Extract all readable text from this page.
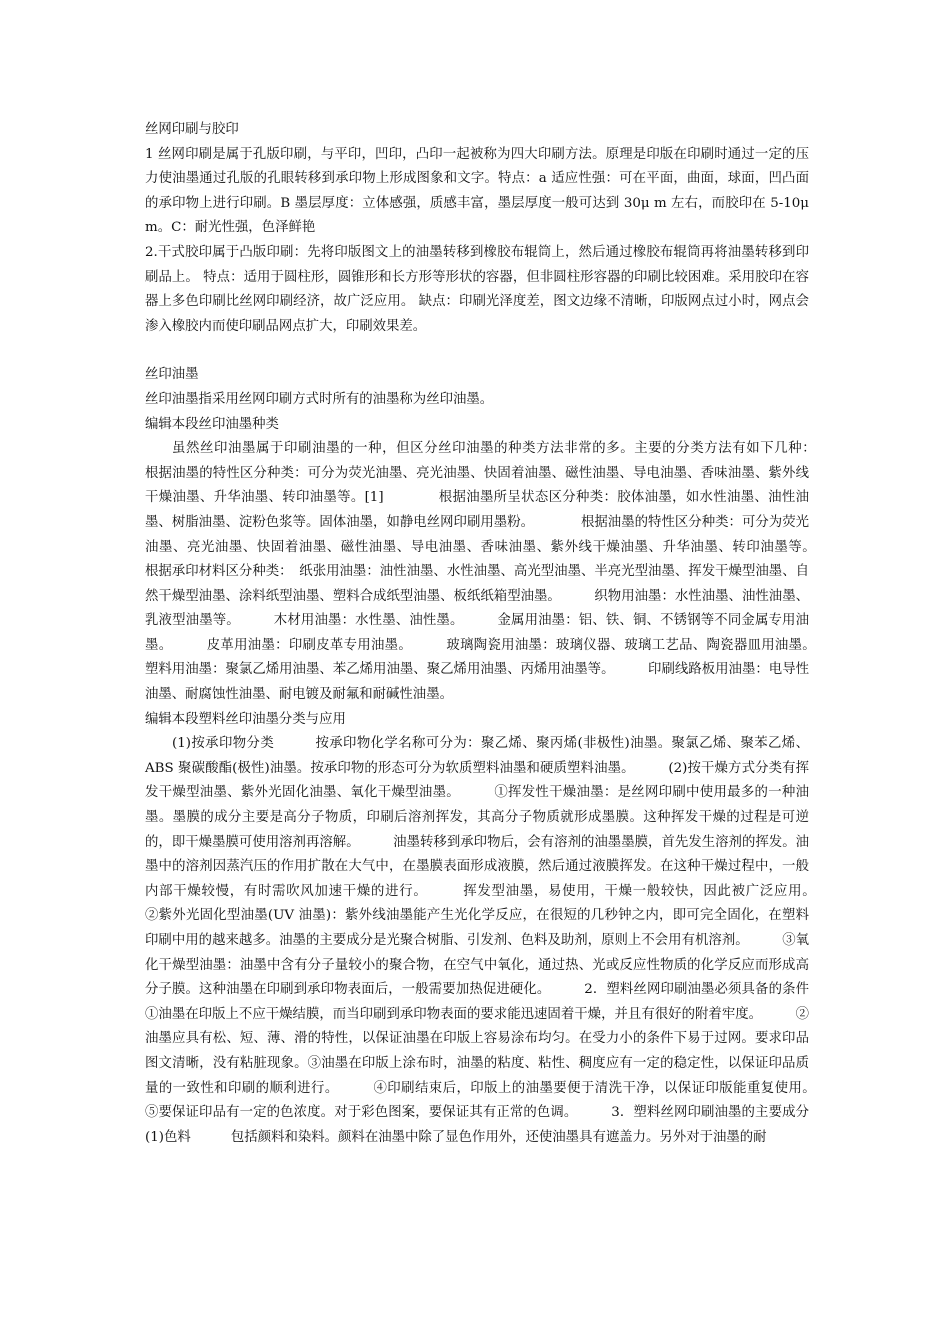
丝网印刷与胶印

1 丝网印刷是属于孔版印刷，与平印，凹印，凸印一起被称为四大印刷方法。原理是印版在印刷时通过一定的压力使油墨通过孔版的孔眼转移到承印物上形成图象和文字。特点：a 适应性强：可在平面，曲面，球面，凹凸面的承印物上进行印刷。B 墨层厚度：立体感强，质感丰富，墨层厚度一般可达到 30μ m 左右，而胶印在 5-10μ m。C：耐光性强，色泽鲜艳

2.干式胶印属于凸版印刷：先将印版图文上的油墨转移到橡胶布辊筒上，然后通过橡胶布辊筒再将油墨转移到印刷品上。 特点：适用于圆柱形，圆锥形和长方形等形状的容器，但非圆柱形容器的印刷比较困难。采用胶印在容器上多色印刷比丝网印刷经济，故广泛应用。 缺点：印刷光泽度差，图文边缘不清晰，印版网点过小时，网点会渗入橡胶内而使印刷品网点扩大，印刷效果差。

丝印油墨

丝印油墨指采用丝网印刷方式时所有的油墨称为丝印油墨。

编辑本段丝印油墨种类

虽然丝印油墨属于印刷油墨的一种，但区分丝印油墨的种类方法非常的多。主要的分类方法有如下几种：　　　　根据油墨的特性区分种类：可分为荧光油墨、亮光油墨、快固着油墨、磁性油墨、导电油墨、香味油墨、紫外线干燥油墨、升华油墨、转印油墨等。[1]　　　　根据油墨所呈状态区分种类：胶体油墨，如水性油墨、油性油墨、树脂油墨、淀粉色浆等。固体油墨，如静电丝网印刷用墨粉。　　　　根据油墨的特性区分种类：可分为荧光油墨、亮光油墨、快固着油墨、磁性油墨、导电油墨、香味油墨、紫外线干燥油墨、升华油墨、转印油墨等。　　　　根据承印材料区分种类：　纸张用油墨：油性油墨、水性油墨、高光型油墨、半亮光型油墨、挥发干燥型油墨、自然干燥型油墨、涂料纸型油墨、塑料合成纸型油墨、板纸纸箱型油墨。　　　织物用油墨：水性油墨、油性油墨、乳液型油墨等。　　　木材用油墨：水性墨、油性墨。　　　金属用油墨：铝、铁、铜、不锈钢等不同金属专用油墨。　　　皮革用油墨：印刷皮革专用油墨。　　　玻璃陶瓷用油墨：玻璃仪器、玻璃工艺品、陶瓷器皿用油墨。　　　塑料用油墨：聚氯乙烯用油墨、苯乙烯用油墨、聚乙烯用油墨、丙烯用油墨等。　　　印刷线路板用油墨：电导性油墨、耐腐蚀性油墨、耐电镀及耐氟和耐碱性油墨。

编辑本段塑料丝印油墨分类与应用

(1)按承印物分类　　　按承印物化学名称可分为：聚乙烯、聚丙烯(非极性)油墨。聚氯乙烯、聚苯乙烯、ABS 聚碳酸酯(极性)油墨。按承印物的形态可分为软质塑料油墨和硬质塑料油墨。　　　(2)按干燥方式分类有挥发干燥型油墨、紫外光固化油墨、氧化干燥型油墨。　　　①挥发性干燥油墨：是丝网印刷中使用最多的一种油墨。墨膜的成分主要是高分子物质，印刷后溶剂挥发，其高分子物质就形成墨膜。这种挥发干燥的过程是可逆的，即干燥墨膜可使用溶剂再溶解。　　　油墨转移到承印物后，会有溶剂的油墨墨膜，首先发生溶剂的挥发。油墨中的溶剂因蒸汽压的作用扩散在大气中，在墨膜表面形成液膜，然后通过液膜挥发。在这种干燥过程中，一般内部干燥较慢，有时需吹风加速干燥的进行。　　　挥发型油墨，易使用，干燥一般较快，因此被广泛应用。　　　②紫外光固化型油墨(UV 油墨)：紫外线油墨能产生光化学反应，在很短的几秒钟之内，即可完全固化，在塑料印刷中用的越来越多。油墨的主要成分是光聚合树脂、引发剂、色料及助剂，原则上不会用有机溶剂。　　　③氧化干燥型油墨：油墨中含有分子量较小的聚合物，在空气中氧化，通过热、光或反应性物质的化学反应而形成高分子膜。这种油墨在印刷到承印物表面后，一般需要加热促进硬化。　　　2．塑料丝网印刷油墨必须具备的条件　　　①油墨在印版上不应干燥结膜，而当印刷到承印物表面的要求能迅速固着干燥，并且有很好的附着牢度。　　　②油墨应具有松、短、薄、滑的特性，以保证油墨在印版上容易涂布均匀。在受力小的条件下易于过网。要求印品图文清晰，没有粘脏现象。③油墨在印版上涂布时，油墨的粘度、粘性、稠度应有一定的稳定性，以保证印品质量的一致性和印刷的顺利进行。　　　④印刷结束后，印版上的油墨要便于清洗干净，以保证印版能重复使用。　　　⑤要保证印品有一定的色浓度。对于彩色图案，要保证其有正常的色调。　　　3．塑料丝网印刷油墨的主要成分(1)色料　　　包括颜料和染料。颜料在油墨中除了显色作用外，还使油墨具有遮盖力。另外对于油墨的耐
